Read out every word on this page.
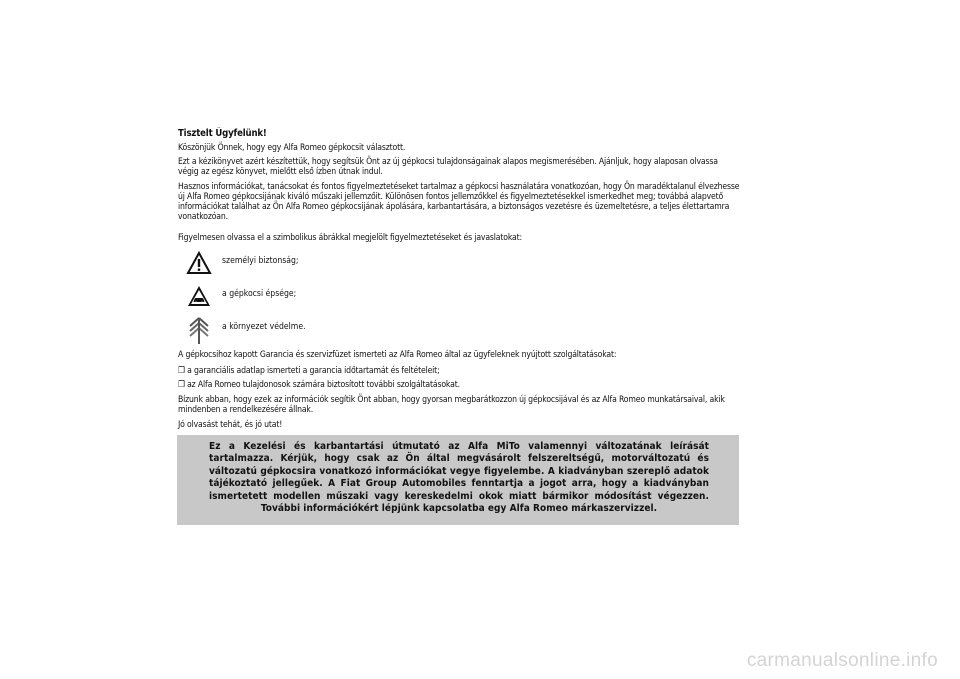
Tisztelt Ügyfelünk!
Köszönjük Önnek, hogy egy Alfa Romeo gépkocsit választott.
Ezt a kézikönyvet azért készítettük, hogy segítsük Önt az új gépkocsi tulajdonságainak alapos megismerésében. Ajánljuk, hogy alaposan olvassa végig az egész könyvet, mielőtt első ízben útnak indul.
Hasznos információkat, tanácsokat és fontos figyelmeztetéseket tartalmaz a gépkocsi használatára vonatkozóan, hogy Ön maradéktalanul élvezhesse új Alfa Romeo gépkocsijának kiváló műszaki jellemzőit. Különösen fontos jellemzőkkel és figyelmeztetésekkel ismerkedhet meg; továbbá alapvető információkat találhat az Ön Alfa Romeo gépkocsijának ápolására, karbantartására, a biztonságos vezetésre és üzemeltetésre, a teljes élettartamra vonatkozóan.
Figyelmesen olvassa el a szimbolikus ábrákkal megjelölt figyelmeztetéseket és javaslatokat:
személyi biztonság;
a gépkocsi épsége;
a környezet védelme.
A gépkocsihoz kapott Garancia és szervizfüzet ismerteti az Alfa Romeo által az ügyfeleknek nyújtott szolgáltatásokat:
❒ a garanciális adatlap ismerteti a garancia időtartamát és feltételeit;
❒ az Alfa Romeo tulajdonosok számára biztosított további szolgáltatásokat.
Bízunk abban, hogy ezek az információk segítik Önt abban, hogy gyorsan megbarátkozzon új gépkocsijával és az Alfa Romeo munkatársaival, akik mindenben a rendelkezésére állnak.
Jó olvasást tehát, és jó utat!
Ez a Kezelési és karbantartási útmutató az Alfa MiTo valamennyi változatának leírását tartalmazza. Kérjük, hogy csak az Ön által megvásárolt felszereltségű, motorváltozatú és változatú gépkocsira vonatkozó információkat vegye figyelembe. A kiadványban szereplő adatok tájékoztató jellegűek. A Fiat Group Automobiles fenntartja a jogot arra, hogy a kiadványban ismertetett modellen műszaki vagy kereskedelmi okok miatt bármikor módosítást végezzen. További információkért lépjünk kapcsolatba egy Alfa Romeo márkaszervizzel.
carmanualsonline.info
